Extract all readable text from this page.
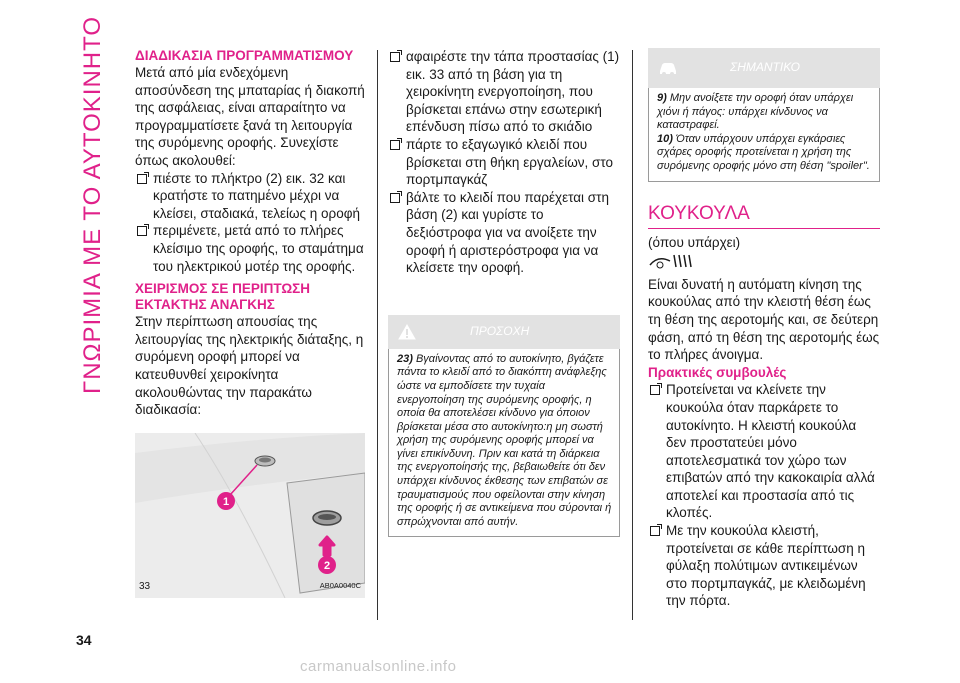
ΓΝΩΡΙΜΙΑ ΜΕ ΤΟ ΑΥΤΟΚΙΝΗΤΟ ΔΙΑΔΙΚΑΣΙΑ ΠΡΟΓΡΑΜΜΑΤΙΣΜΟΥ

Μετά από μία ενδεχόμενη αποσύνδεση της μπαταρίας ή διακοπή της ασφάλειας, είναι απαραίτητο να προγραμματίσετε ξανά τη λειτουργία της συρόμενης οροφής. Συνεχίστε όπως ακολουθεί:

πιέστε το πλήκτρο (2) εικ. 32 και κρατήστε το πατημένο μέχρι να κλείσει, σταδιακά, τελείως η οροφή
περιμένετε, μετά από το πλήρες κλείσιμο της οροφής, το σταμάτημα του ηλεκτρικού μοτέρ της οροφής.

ΧΕΙΡΙΣΜΟΣ ΣΕ ΠΕΡΙΠΤΩΣΗ ΕΚΤΑΚΤΗΣ ΑΝΑΓΚΗΣ

Στην περίπτωση απουσίας της λειτουργίας της ηλεκτρικής διάταξης, η συρόμενη οροφή μπορεί να κατευθυνθεί χειροκίνητα ακολουθώντας την παρακάτω διαδικασία:

1
2
33	AB0A0040C
αφαιρέστε την τάπα προστασίας (1) εικ. 33 από τη βάση για τη χειροκίνητη ενεργοποίηση, που βρίσκεται επάνω στην εσωτερική επένδυση πίσω από το σκιάδιο
πάρτε το εξαγωγικό κλειδί που βρίσκεται στη θήκη εργαλείων, στο πορτμπαγκάζ
βάλτε το κλειδί που παρέχεται στη βάση (2) και γυρίστε το δεξιόστροφα για να ανοίξετε την οροφή ή αριστερόστροφα για να κλείσετε την οροφή.
ΠΡΟΣΟΧΗ
23) Βγαίνοντας από το αυτοκίνητο, βγάζετε πάντα το κλειδί από το διακόπτη ανάφλεξης ώστε να εμποδίσετε την τυχαία ενεργοποίηση της συρόμενης οροφής, η οποία θα αποτελέσει κίνδυνο για όποιον βρίσκεται μέσα στο αυτοκίνητο:η μη σωστή χρήση της συρόμενης οροφής μπορεί να γίνει επικίνδυνη. Πριν και κατά τη διάρκεια της ενεργοποίησής της, βεβαιωθείτε ότι δεν υπάρχει κίνδυνος έκθεσης των επιβατών σε τραυματισμούς που οφείλονται στην κίνηση της οροφής ή σε αντικείμενα που σύρονται ή σπρώχνονται από αυτήν.
ΣΗΜΑΝΤΙΚΟ
9) Μην ανοίξετε την οροφή όταν υπάρχει χιόνι ή πάγος: υπάρχει κίνδυνος να καταστραφεί.
10) Όταν υπάρχουν υπάρχει εγκάρσιες σχάρες οροφής προτείνεται η χρήση της συρόμενης οροφής μόνο στη θέση "spoiler".
ΚΟΥΚΟΥΛΑ

(όπου υπάρχει)

Είναι δυνατή η αυτόματη κίνηση της κουκούλας από την κλειστή θέση έως τη θέση της αεροτομής και, σε δεύτερη φάση, από τη θέση της αεροτομής έως το πλήρες άνοιγμα.

Πρακτικές συμβουλές

Προτείνεται να κλείνετε την κουκούλα όταν παρκάρετε το αυτοκίνητο. Η κλειστή κουκούλα δεν προστατεύει μόνο αποτελεσματικά τον χώρο των επιβατών από την κακοκαιρία αλλά αποτελεί και προστασία από τις κλοπές.
Με την κουκούλα κλειστή, προτείνεται σε κάθε περίπτωση η φύλαξη πολύτιμων αντικειμένων στο πορτμπαγκάζ, με κλειδωμένη την πόρτα.
34
carmanualsonline.info
